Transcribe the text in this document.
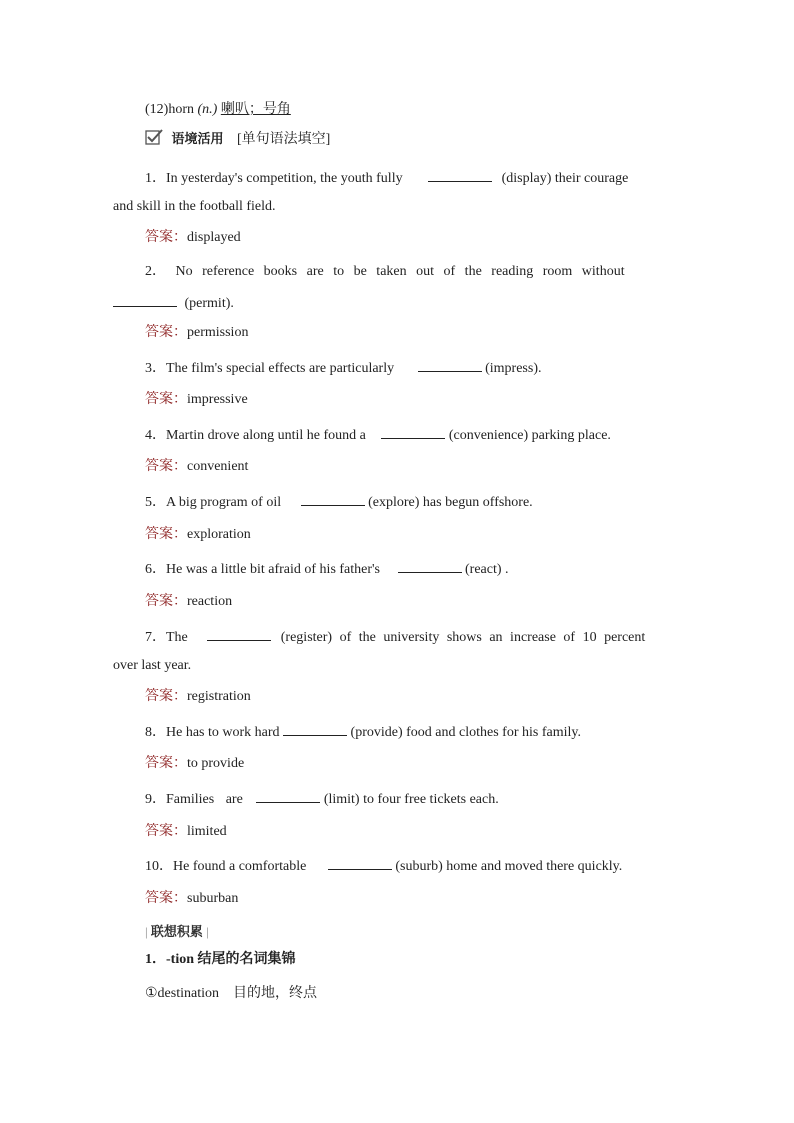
(12)horn (n.) 喇叭；号角
语境活用 [单句语法填空]
1．In yesterday's competition, the youth fully	(display) their courage
and skill in the football field.
答案：displayed
2． No reference books are to be taken out of the reading room without
(permit).
答案：permission
3．The film's special effects are particularly	(impress).
答案：impressive
4．Martin drove along until he found a	(convenience) parking place.
答案：convenient
5．A big program of oil	(explore) has begun offshore.
答案：exploration
6．He was a little bit afraid of his father's	(react) .
答案：reaction
7．The	(register) of the university shows an increase of 10 percent
over last year.
答案：registration
8．He has to work hard	(provide) food and clothes for his family.
答案：to provide
9．Families are	(limit) to four free tickets each.
答案：limited
10．He found a comfortable	(suburb) home and moved there quickly.
答案：suburban
| 联想积累 |
1．-tion 结尾的名词集锦
①destination　目的地，终点
